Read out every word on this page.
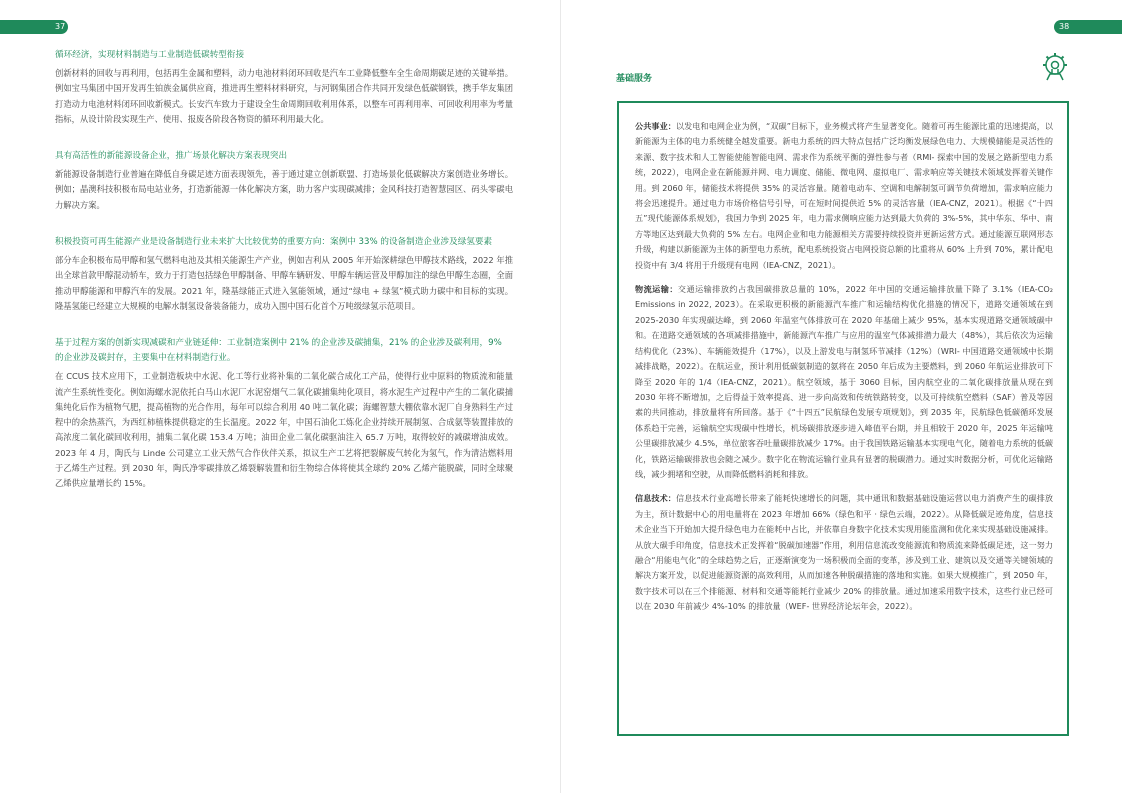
37
循环经济，实现材料制造与工业制造低碳转型衔接
创新材料的回收与再利用，包括再生金属和塑料，动力电池材料闭环回收是汽车工业降低整车全生命周期碳足迹的关键举措。例如宝马集团中国开发再生铂族金属供应商，推进再生塑料材料研究，与河钢集团合作共同开发绿色低碳钢铁，携手华友集团打造动力电池材料闭环回收新模式。长安汽车致力于建设全生命周期回收利用体系，以整车可再利用率、可回收利用率为考量指标，从设计阶段实现生产、使用、报废各阶段各物资的循环利用最大化。
具有高活性的新能源设备企业，推广场景化解决方案表现突出
新能源设备制造行业普遍在降低自身碳足迹方面表现领先，善于通过建立创新联盟、打造场景化低碳解决方案创造业务增长。例如；晶澳科技积极布局电站业务，打造新能源一体化解决方案，助力客户实现碳减排；金风科技打造智慧园区、码头零碳电力解决方案。
积极投资可再生能源产业是设备制造行业未来扩大比较优势的重要方向：案例中 33% 的设备制造企业涉及绿氢要素
部分车企积极布局甲醇和氢气燃料电池及其相关能源生产产业，例如吉利从 2005 年开始深耕绿色甲醇技术路线，2022 年推出全球首款甲醇混动轿车，致力于打造包括绿色甲醇制备、甲醇车辆研发、甲醇车辆运营及甲醇加注的绿色甲醇生态圈，全面推动甲醇能源和甲醇汽车的发展。2021 年，隆基绿能正式进入氢能领域，通过“绿电 + 绿氢”模式助力碳中和目标的实现。隆基氢能已经建立大规模的电解水制氢设备装备能力，成功入围中国石化首个万吨级绿氢示范项目。
基于过程方案的创新实现减碳和产业链延伸：工业制造案例中 21% 的企业涉及碳捕集，21% 的企业涉及碳利用，9% 的企业涉及碳封存，主要集中在材料制造行业。
在 CCUS 技术应用下，工业制造板块中水泥、化工等行业将补集的二氧化碳合成化工产品，使得行业中原料的物质流和能量流产生系统性变化。例如海螺水泥依托白马山水泥厂水泥窑烟气二氧化碳捕集纯化项目，将水泥生产过程中产生的二氧化碳捕集纯化后作为植物气肥，提高植物的光合作用，每年可以综合利用 40 吨二氧化碳；海螺智慧大棚依靠水泥厂自身熟料生产过程中的余热蒸汽，为西红柿植株提供稳定的生长温度。2022 年，中国石油化工炼化企业持续开展制氢、合成氨等装置排放的高浓度二氧化碳回收利用，捕集二氧化碳 153.4 万吨；油田企业二氧化碳驱油注入 65.7 万吨，取得较好的减碳增油成效。2023 年 4 月，陶氏与 Linde 公司建立工业天然气合作伙伴关系，拟议生产工艺将把裂解废气转化为氢气，作为清洁燃料用于乙烯生产过程。到 2030 年，陶氏净零碳排放乙烯裂解装置和衍生物综合体将使其全球约 20% 乙烯产能脱碳，同时全球聚乙烯供应量增长约 15%。
38
基础服务

公共事业：以发电和电网企业为例，“双碳”目标下，业务模式将产生显著变化。随着可再生能源比重的迅速提高，以新能源为主体的电力系统健全越发重要。新电力系统的四大特点包括广泛均衡发展绿色电力、大规模储能是灵活性的来源、数字技术和人工智能使能智能电网、需求作为系统平衡的弹性参与者（RMI- 探索中国的发展之路新型电力系统，2022），电网企业在新能源并网、电力调度、储能、微电网、虚拟电厂、需求响应等关键技术领域发挥着关键作用。到 2060 年，储能技术将提供 35% 的灵活容量。随着电动车、空调和电解制氢可调节负荷增加，需求响应能力将会迅速提升。通过电力市场价格信号引导，可在短时间提供近 5% 的灵活容量（IEA-CNZ，2021）。根据《“十四五”现代能源体系规划》，我国力争到 2025 年，电力需求侧响应能力达到最大负荷的 3%-5%，其中华东、华中、南方等地区达到最大负荷的 5% 左右。电网企业和电力能源相关方需要持续投资并更新运营方式。通过能源互联网形态升级，构建以新能源为主体的新型电力系统，配电系统投资占电网投资总额的比重将从 60% 上升到 70%，累计配电投资中有 3/4 将用于升级现有电网（IEA-CNZ，2021）。

物流运输：交通运输排放约占我国碳排放总量的 10%，2022 年中国的交通运输排放量下降了 3.1%（IEA-CO₂ Emissions in 2022, 2023）。在采取更积极的新能源汽车推广和运输结构优化措施的情况下，道路交通领域在到 2025-2030 年实现碳达峰，到 2060 年温室气体排放可在 2020 年基础上减少 95%，基本实现道路交通领域碳中和。在道路交通领域的各项减排措施中，新能源汽车推广与应用的温室气体减排潜力最大（48%），其后依次为运输结构优化（23%）、车辆能效提升（17%），以及上游发电与制氢环节减排（12%）（WRI- 中国道路交通领域中长期减排战略，2022）。在航运业，预计利用低碳氨制造的氨将在 2050 年后成为主要燃料，到 2060 年航运业排放可下降至 2020 年的 1/4（IEA-CNZ，2021）。航空领域，基于 3060 目标，国内航空业的二氧化碳排放量从现在到 2030 年将不断增加，之后得益于效率提高、进一步向高效和传统铁路转变，以及可持续航空燃料（SAF）普及等因素的共同推动，排放量将有所回落。基于《“十四五”民航绿色发展专项规划》，到 2035 年，民航绿色低碳循环发展体系趋于完善，运输航空实现碳中性增长，机场碳排放逐步进入峰值平台期，并且相较于 2020 年，2025 年运输吨公里碳排放减少 4.5%，单位旅客吞吐量碳排放减少 17%。由于我国铁路运输基本实现电气化，随着电力系统的低碳化，铁路运输碳排放也会随之减少。数字化在物流运输行业具有显著的脱碳潜力。通过实时数据分析，可优化运输路线，减少拥堵和空驶，从而降低燃料消耗和排放。

信息技术：信息技术行业高增长带来了能耗快速增长的问题，其中通讯和数据基础设施运营以电力消费产生的碳排放为主，预计数据中心的用电量将在 2023 年增加 66%（绿色和平 · 绿色云端，2022）。从降低碳足迹角度，信息技术企业当下开始加大提升绿色电力在能耗中占比，并依靠自身数字化技术实现用能监测和优化来实现基础设施减排。从放大碳手印角度，信息技术正发挥着“脱碳加速器”作用，利用信息流改变能源流和物质流来降低碳足迹，这一努力融合“用能电气化”的全球趋势之后，正逐渐演变为一场积极而全面的变革，涉及到工业、建筑以及交通等关键领域的解决方案开发，以促进能源资源的高效利用，从而加速各种脱碳措施的落地和实施。如果大规模推广，到 2050 年，数字技术可以在三个排能源、材料和交通等能耗行业减少 20% 的排放量。通过加速采用数字技术，这些行业已经可以在 2030 年前减少 4%-10% 的排放量（WEF- 世界经济论坛年会，2022）。
